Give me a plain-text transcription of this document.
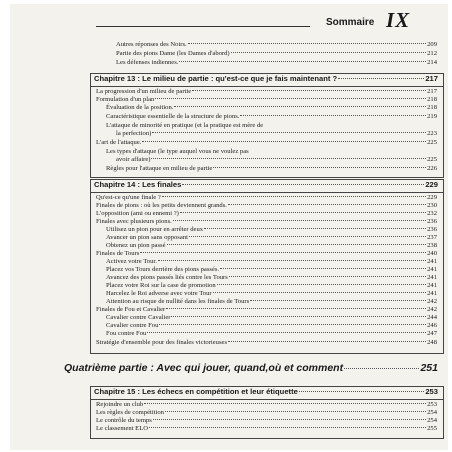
Sommaire IX
Autres réponses des Noirs.	209
Partie des pions Dame (les Dames d'abord)	212
Les défenses indiennes.	214
Chapitre 13 : Le milieu de partie : qu'est-ce que je fais maintenant ?	217
La progression d'un milieu de partie	217
Formulation d'un plan	218
Évaluation de la position.	218
Caractéristique essentielle de la structure de pions.	219
L'attaque de minorité en pratique (et la pratique est mère de
la perfection)	223
L'art de l'attaque.	225
Les types d'attaque (le type auquel vous ne voulez pas
avoir affaire)	225
Règles pour l'attaque en milieu de partie	226
Chapitre 14 : Les finales	229
Qu'est-ce qu'une finale ?	229
Finales de pions : où les petits deviennent grands.	230
L'opposition (ami ou ennemi ?)	232
Finales avec plusieurs pions.	236
Utilisez un pion pour en arrêter deux	236
Avancer un pion sans opposant	237
Obtenez un pion passé	238
Finales de Tours	240
Activez votre Tour.	241
Placez vos Tours derrière des pions passés.	241
Avancez des pions passés liés contre les Tours	241
Placez votre Roi sur la case de promotion	241
Harcelez le Roi adverse avec votre Tour	241
Attention au risque de nullité dans les finales de Tours	242
Finales de Fou et Cavalier	242
Cavalier contre Cavalier	244
Cavalier contre Fou	246
Fou contre Fou	247
Stratégie d'ensemble pour des finales victorieuses	248
Quatrième partie : Avec qui jouer, quand,où et comment	251
Chapitre 15 : Les échecs en compétition et leur étiquette	253
Rejoindre un club	253
Les règles de compétition	254
Le contrôle du temps	254
Le classement ELO	255
